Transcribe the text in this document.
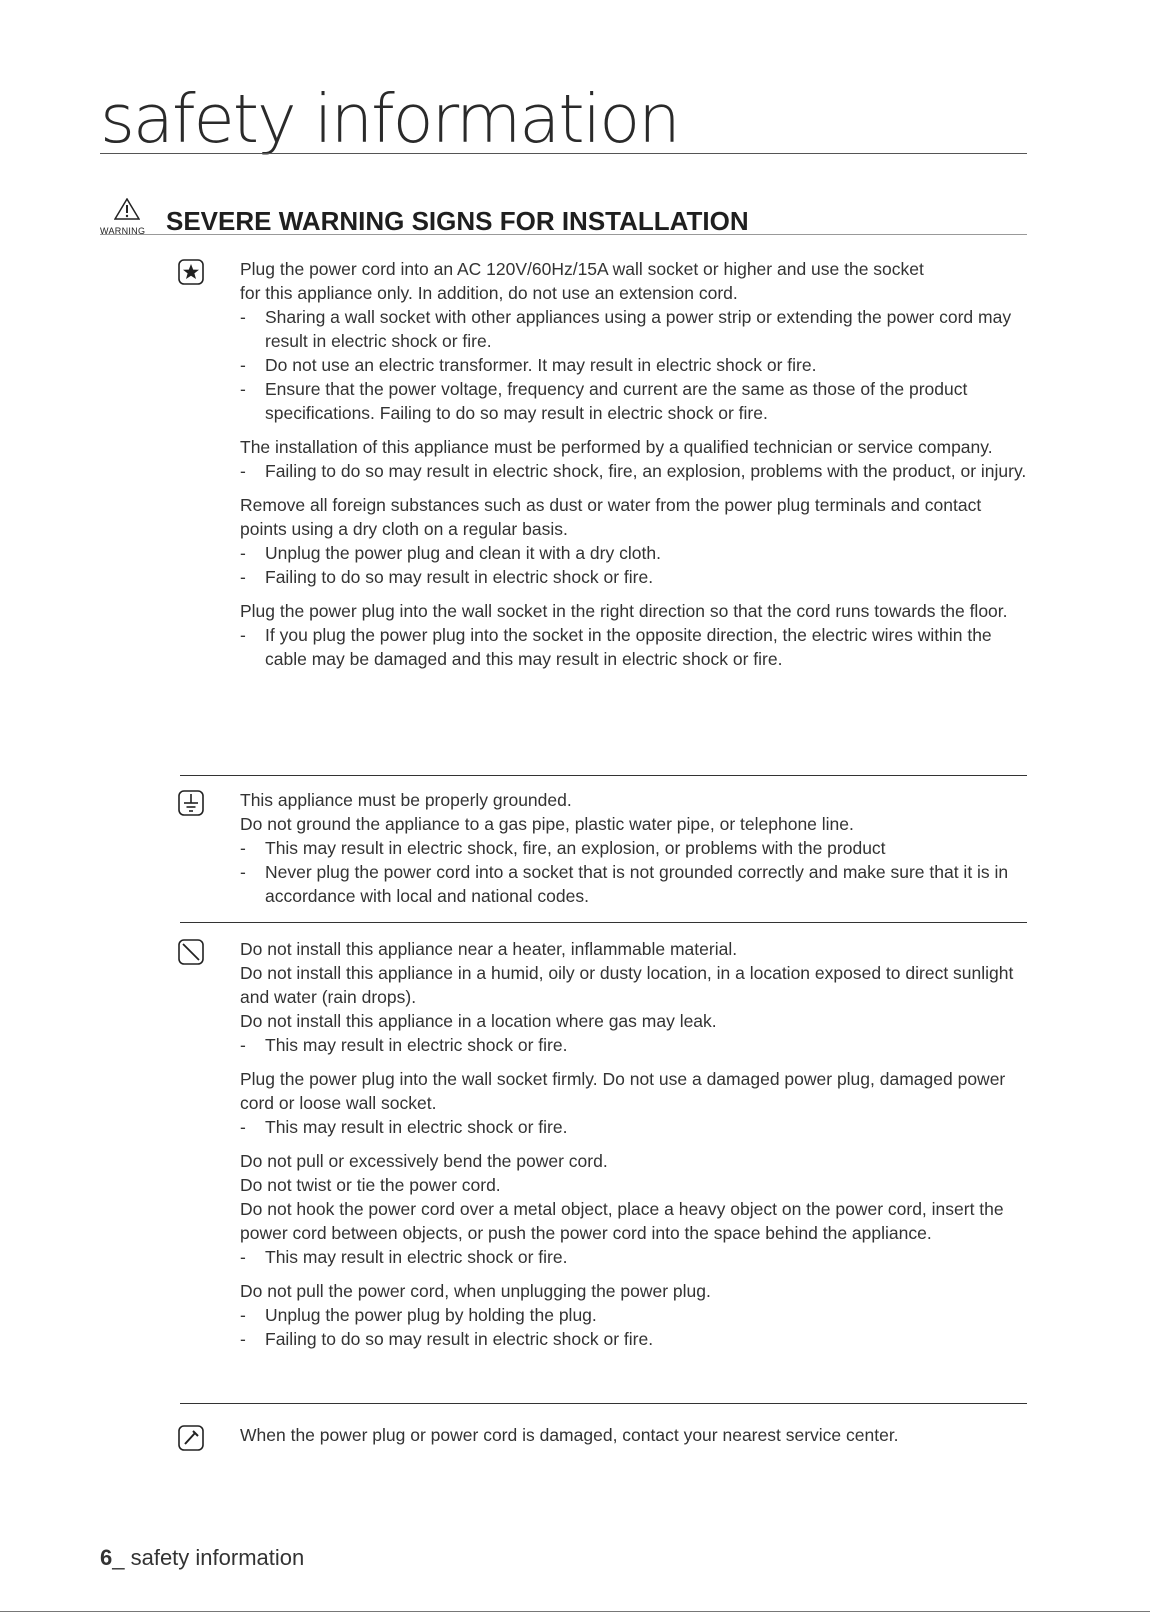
safety information
WARNING SEVERE WARNING SIGNS FOR INSTALLATION

Plug the power cord into an AC 120V/60Hz/15A wall socket or higher and use the socket

for this appliance only. In addition, do not use an extension cord.

- Sharing a wall socket with other appliances using a power strip or extending the power cord may result in electric shock or fire.

- Do not use an electric transformer. It may result in electric shock or fire.

- Ensure that the power voltage, frequency and current are the same as those of the product specifications. Failing to do so may result in electric shock or fire.

The installation of this appliance must be performed by a qualified technician or service company.

- Failing to do so may result in electric shock, fire, an explosion, problems with the product, or injury.

Remove all foreign substances such as dust or water from the power plug terminals and contact points using a dry cloth on a regular basis.

- Unplug the power plug and clean it with a dry cloth.

- Failing to do so may result in electric shock or fire.

Plug the power plug into the wall socket in the right direction so that the cord runs towards the floor.

- If you plug the power plug into the socket in the opposite direction, the electric wires within the cable may be damaged and this may result in electric shock or fire.

This appliance must be properly grounded.

Do not ground the appliance to a gas pipe, plastic water pipe, or telephone line.

- This may result in electric shock, fire, an explosion, or problems with the product

- Never plug the power cord into a socket that is not grounded correctly and make sure that it is in accordance with local and national codes.

Do not install this appliance near a heater, inflammable material.

Do not install this appliance in a humid, oily or dusty location, in a location exposed to direct sunlight and water (rain drops).

Do not install this appliance in a location where gas may leak.

- This may result in electric shock or fire.

Plug the power plug into the wall socket firmly. Do not use a damaged power plug, damaged power cord or loose wall socket.

- This may result in electric shock or fire.

Do not pull or excessively bend the power cord.

Do not twist or tie the power cord.

Do not hook the power cord over a metal object, place a heavy object on the power cord, insert the power cord between objects, or push the power cord into the space behind the appliance.

- This may result in electric shock or fire.

Do not pull the power cord, when unplugging the power plug.

- Unplug the power plug by holding the plug.

- Failing to do so may result in electric shock or fire.

When the power plug or power cord is damaged, contact your nearest service center.

6_ safety information
